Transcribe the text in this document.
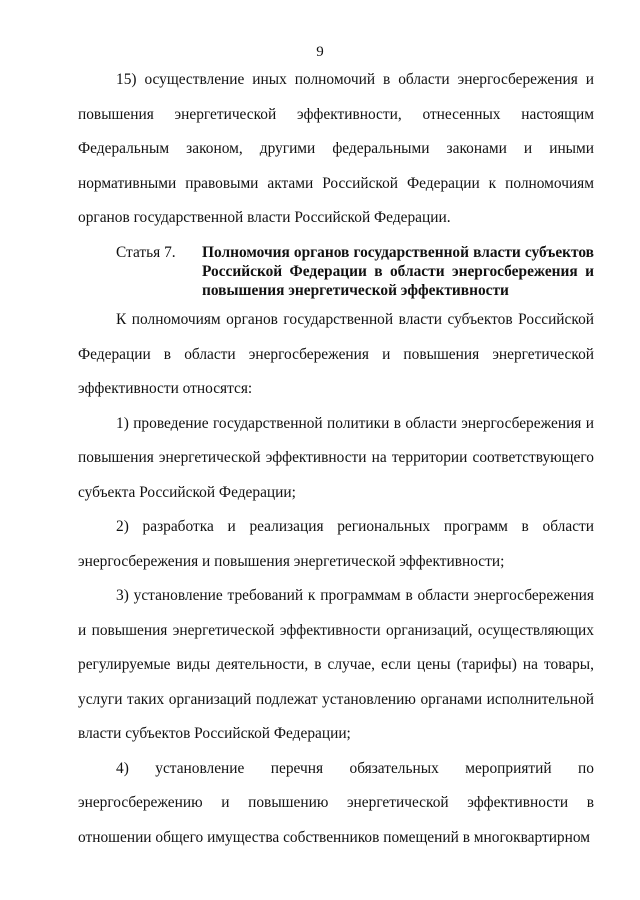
9

15) осуществление иных полномочий в области энергосбережения и повышения энергетической эффективности, отнесенных настоящим Федеральным законом, другими федеральными законами и иными нормативными правовыми актами Российской Федерации к полномочиям органов государственной власти Российской Федерации.

Статья 7. Полномочия органов государственной власти субъектов Российской Федерации в области энергосбережения и повышения энергетической эффективности

К полномочиям органов государственной власти субъектов Российской Федерации в области энергосбережения и повышения энергетической эффективности относятся:

1) проведение государственной политики в области энергосбережения и повышения энергетической эффективности на территории соответствующего субъекта Российской Федерации;

2) разработка и реализация региональных программ в области энергосбережения и повышения энергетической эффективности;

3) установление требований к программам в области энергосбережения и повышения энергетической эффективности организаций, осуществляющих регулируемые виды деятельности, в случае, если цены (тарифы) на товары, услуги таких организаций подлежат установлению органами исполнительной власти субъектов Российской Федерации;

4) установление перечня обязательных мероприятий по энергосбережению и повышению энергетической эффективности в отношении общего имущества собственников помещений в многоквартирном
